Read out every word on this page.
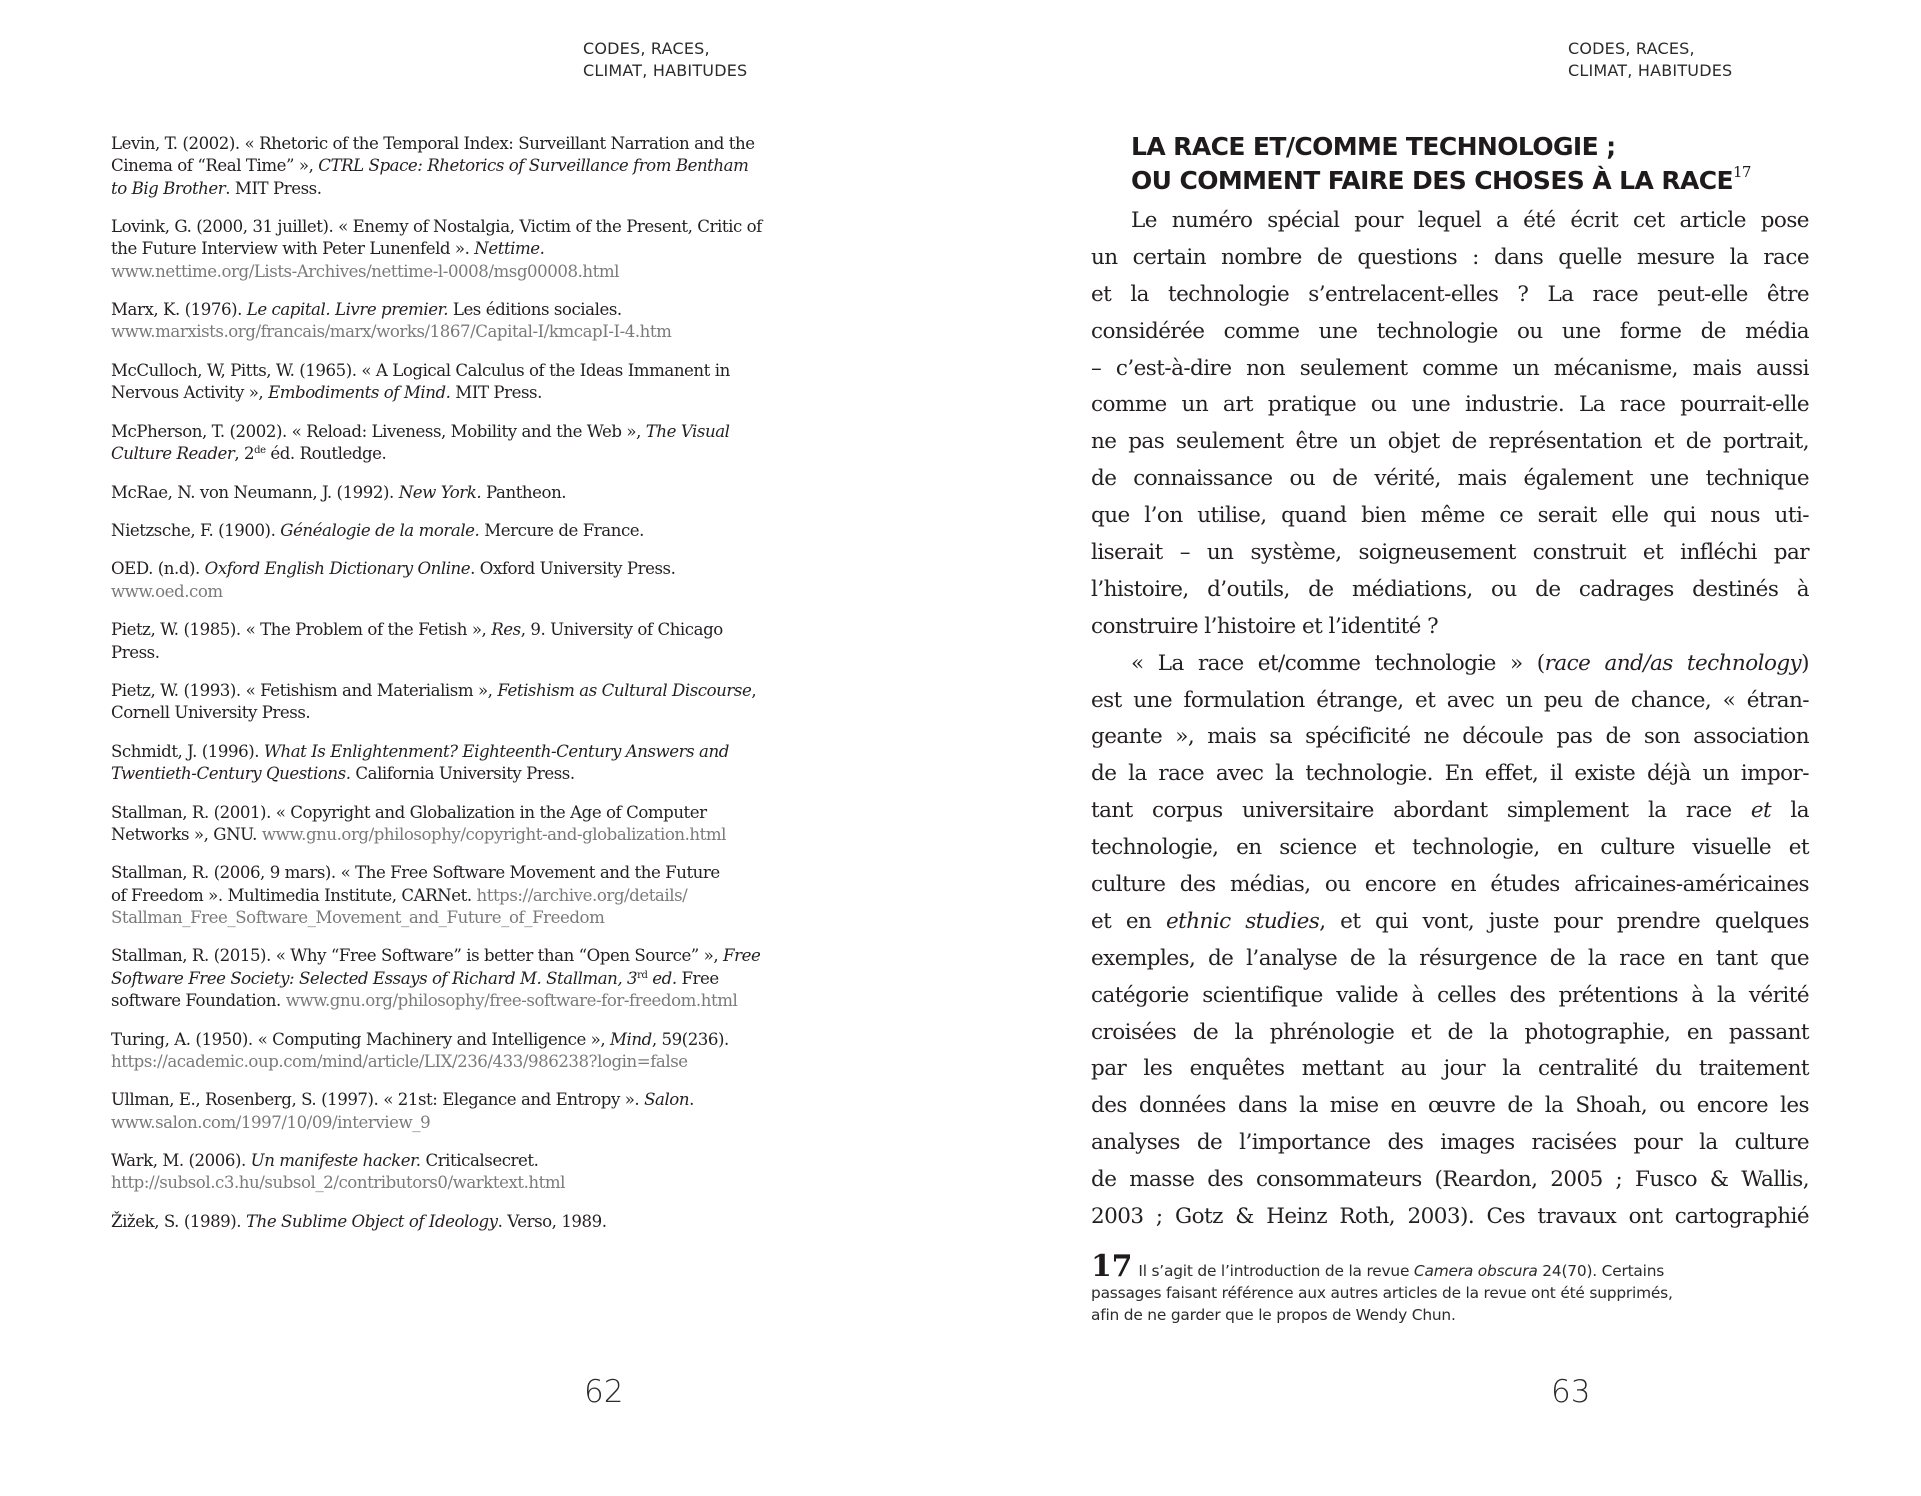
CODES, RACES,
CLIMAT, HABITUDES
Levin, T. (2002). « Rhetoric of the Temporal Index: Surveillant Narration and the
Cinema of “Real Time” », CTRL Space: Rhetorics of Surveillance from Bentham
to Big Brother. MIT Press.
Lovink, G. (2000, 31 juillet). « Enemy of Nostalgia, Victim of the Present, Critic of
the Future Interview with Peter Lunenfeld ». Nettime.
www.nettime.org/Lists-Archives/nettime-l-0008/msg00008.html
Marx, K. (1976). Le capital. Livre premier. Les éditions sociales.
www.marxists.org/francais/marx/works/1867/Capital-I/kmcapI-I-4.htm
McCulloch, W, Pitts, W. (1965). « A Logical Calculus of the Ideas Immanent in
Nervous Activity », Embodiments of Mind. MIT Press.
McPherson, T. (2002). « Reload: Liveness, Mobility and the Web », The Visual
Culture Reader, 2de éd. Routledge.
McRae, N. von Neumann, J. (1992). New York. Pantheon.
Nietzsche, F. (1900). Généalogie de la morale. Mercure de France.
OED. (n.d). Oxford English Dictionary Online. Oxford University Press.
www.oed.com
Pietz, W. (1985). « The Problem of the Fetish », Res, 9. University of Chicago
Press.
Pietz, W. (1993). « Fetishism and Materialism », Fetishism as Cultural Discourse,
Cornell University Press.
Schmidt, J. (1996). What Is Enlightenment? Eighteenth-Century Answers and
Twentieth-Century Questions. California University Press.
Stallman, R. (2001). « Copyright and Globalization in the Age of Computer
Networks », GNU. www.gnu.org/philosophy/copyright-and-globalization.html
Stallman, R. (2006, 9 mars). « The Free Software Movement and the Future
of Freedom ». Multimedia Institute, CARNet. https://archive.org/details/
Stallman_Free_Software_Movement_and_Future_of_Freedom
Stallman, R. (2015). « Why “Free Software” is better than “Open Source” », Free
Software Free Society: Selected Essays of Richard M. Stallman, 3rd ed. Free
software Foundation. www.gnu.org/philosophy/free-software-for-freedom.html
Turing, A. (1950). « Computing Machinery and Intelligence », Mind, 59(236).
https://academic.oup.com/mind/article/LIX/236/433/986238?login=false
Ullman, E., Rosenberg, S. (1997). « 21st: Elegance and Entropy ». Salon.
www.salon.com/1997/10/09/interview_9
Wark, M. (2006). Un manifeste hacker. Criticalsecret.
http://subsol.c3.hu/subsol_2/contributors0/warktext.html
Žižek, S. (1989). The Sublime Object of Ideology. Verso, 1989.
62
CODES, RACES,
CLIMAT, HABITUDES
LA RACE ET/COMME TECHNOLOGIE ;
OU COMMENT FAIRE DES CHOSES À LA RACE$^{17}$
Le numéro spécial pour lequel a été écrit cet article pose
un certain nombre de questions : dans quelle mesure la race
et la technologie s’entrelacent-elles ? La race peut-elle être
considérée comme une technologie ou une forme de média
– c’est-à-dire non seulement comme un mécanisme, mais aussi
comme un art pratique ou une industrie. La race pourrait-elle
ne pas seulement être un objet de représentation et de portrait,
de connaissance ou de vérité, mais également une technique
que l’on utilise, quand bien même ce serait elle qui nous uti-
liserait – un système, soigneusement construit et infléchi par
l’histoire, d’outils, de médiations, ou de cadrages destinés à
construire l’histoire et l’identité ?
« La race et/comme technologie » (race and/as technology)
est une formulation étrange, et avec un peu de chance, « étran-
geante », mais sa spécificité ne découle pas de son association
de la race avec la technologie. En effet, il existe déjà un impor-
tant corpus universitaire abordant simplement la race et la
technologie, en science et technologie, en culture visuelle et
culture des médias, ou encore en études africaines-américaines
et en ethnic studies, et qui vont, juste pour prendre quelques
exemples, de l’analyse de la résurgence de la race en tant que
catégorie scientifique valide à celles des prétentions à la vérité
croisées de la phrénologie et de la photographie, en passant
par les enquêtes mettant au jour la centralité du traitement
des données dans la mise en œuvre de la Shoah, ou encore les
analyses de l’importance des images racisées pour la culture
de masse des consommateurs (Reardon, 2005 ; Fusco & Wallis,
2003 ; Gotz & Heinz Roth, 2003). Ces travaux ont cartographié
17 Il s’agit de l’introduction de la revue Camera obscura 24(70). Certains
passages faisant référence aux autres articles de la revue ont été supprimés,
afin de ne garder que le propos de Wendy Chun.
63
